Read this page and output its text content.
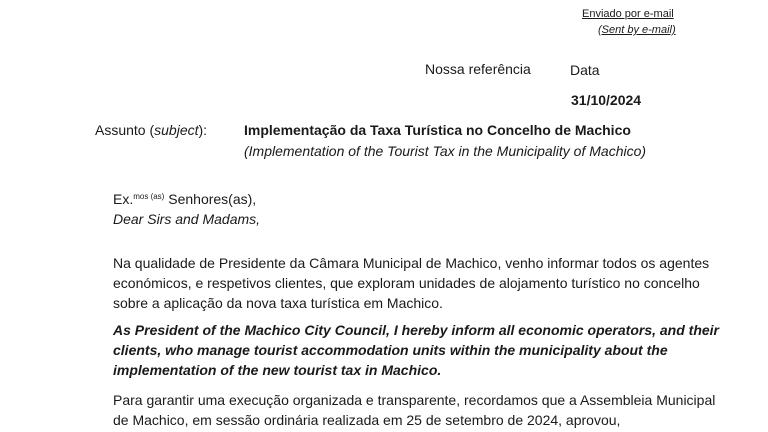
Enviado por e-mail
(Sent by e-mail)
Nossa referência	Data
31/10/2024
Assunto (subject):	Implementação da Taxa Turística no Concelho de Machico
(Implementation of the Tourist Tax in the Municipality of Machico)
Ex.$^{mos (as)}$ Senhores(as),
Dear Sirs and Madams,
Na qualidade de Presidente da Câmara Municipal de Machico, venho informar todos os agentes económicos, e respetivos clientes, que exploram unidades de alojamento turístico no concelho sobre a aplicação da nova taxa turística em Machico.
As President of the Machico City Council, I hereby inform all economic operators, and their clients, who manage tourist accommodation units within the municipality about the implementation of the new tourist tax in Machico.
Para garantir uma execução organizada e transparente, recordamos que a Assembleia Municipal de Machico, em sessão ordinária realizada em 25 de setembro de 2024, aprovou,
